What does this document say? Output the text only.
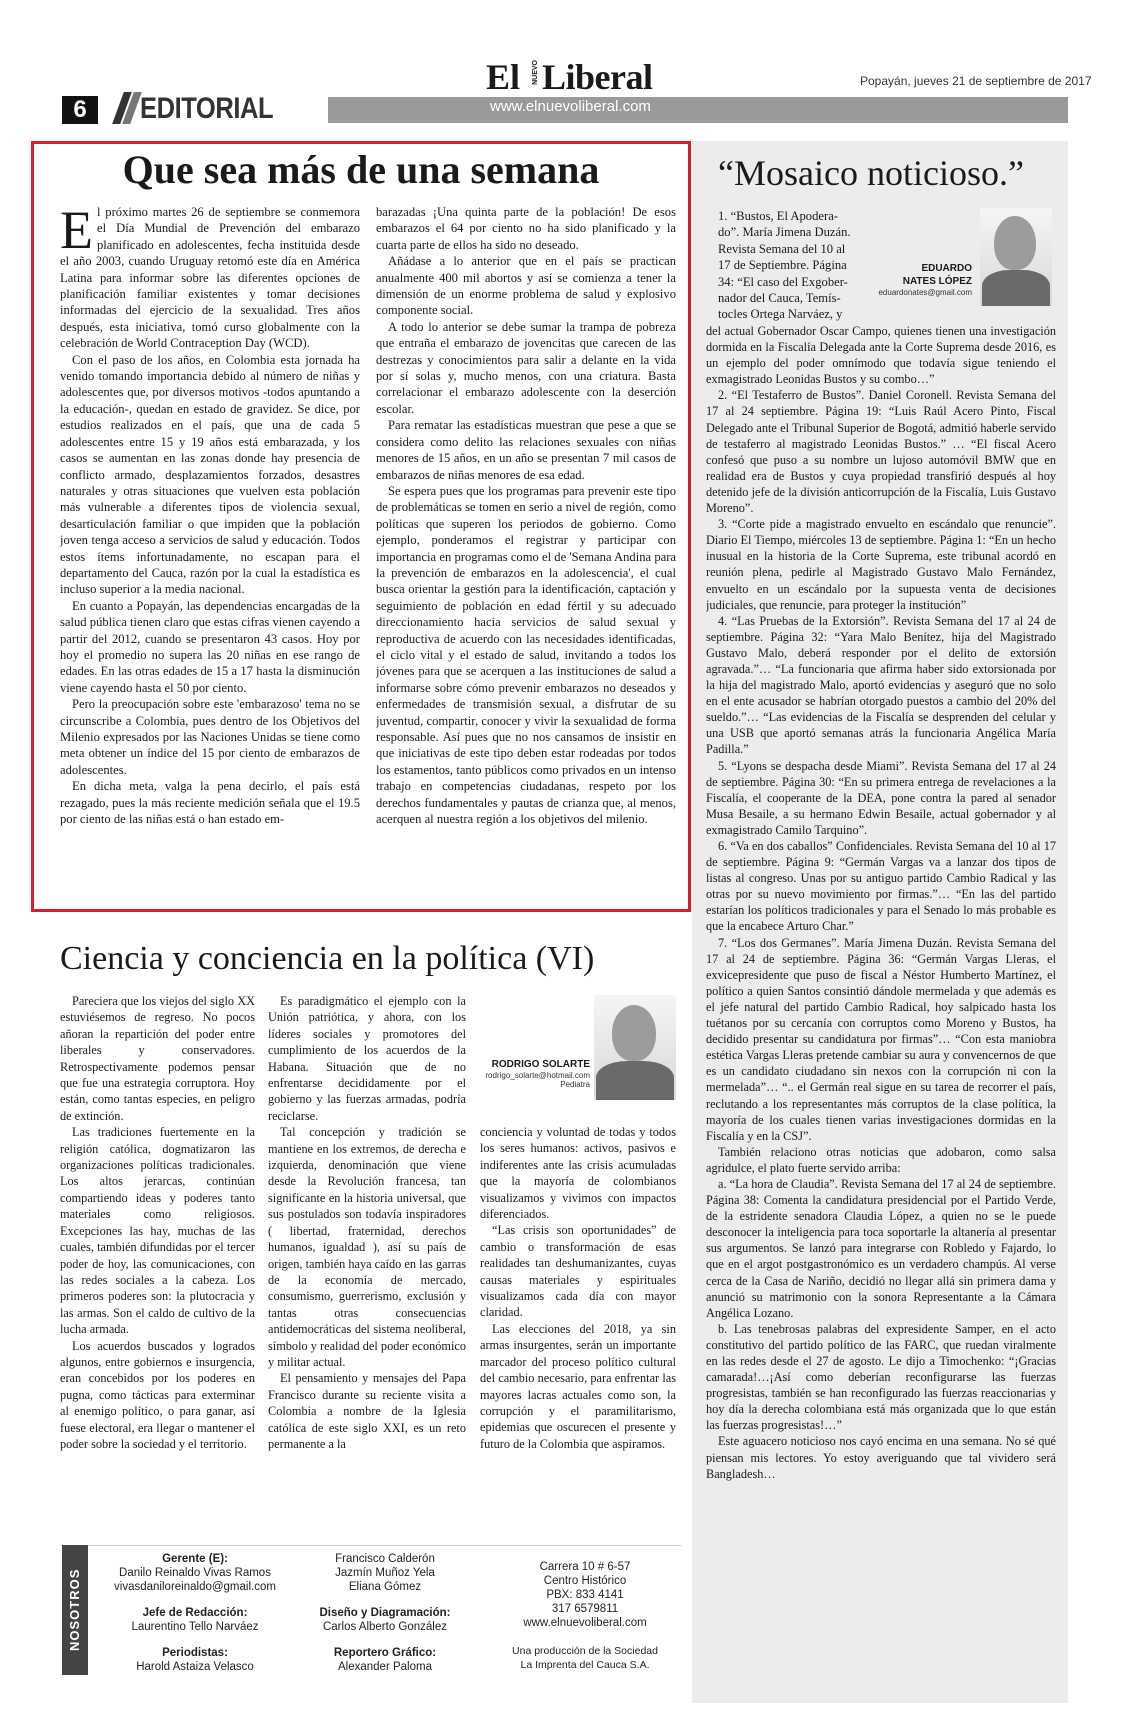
6	EDITORIAL	www.elnuevoliberal.com
El NUEVO Liberal	Popayán, jueves 21 de septiembre de 2017
Que sea más de una semana
E l próximo martes 26 de septiembre se conmemora el Día Mundial de Prevención del embarazo planificado en adolescentes, fecha instituida desde el año 2003, cuando Uruguay retomó este día en América Latina para informar sobre las diferentes opciones de planificación familiar existentes y tomar decisiones informadas del ejercicio de la sexualidad. Tres años después, esta iniciativa, tomó curso globalmente con la celebración de World Contraception Day (WCD).

Con el paso de los años, en Colombia esta jornada ha venido tomando importancia debido al número de niñas y adolescentes que, por diversos motivos -todos apuntando a la educación-, quedan en estado de gravidez. Se dice, por estudios realizados en el país, que una de cada 5 adolescentes entre 15 y 19 años está embarazada, y los casos se aumentan en las zonas donde hay presencia de conflicto armado, desplazamientos forzados, desastres naturales y otras situaciones que vuelven esta población más vulnerable a diferentes tipos de violencia sexual, desarticulación familiar o que impiden que la población joven tenga acceso a servicios de salud y educación. Todos estos ítems infortunadamente, no escapan para el departamento del Cauca, razón por la cual la estadística es incluso superior a la media nacional.

En cuanto a Popayán, las dependencias encargadas de la salud pública tienen claro que estas cifras vienen cayendo a partir del 2012, cuando se presentaron 43 casos. Hoy por hoy el promedio no supera las 20 niñas en ese rango de edades. En las otras edades de 15 a 17 hasta la disminución viene cayendo hasta el 50 por ciento.

Pero la preocupación sobre este 'embarazoso' tema no se circunscribe a Colombia, pues dentro de los Objetivos del Milenio expresados por las Naciones Unidas se tiene como meta obtener un índice del 15 por ciento de embarazos de adolescentes.

En dicha meta, valga la pena decirlo, el país está rezagado, pues la más reciente medición señala que el 19.5 por ciento de las niñas está o han estado em-

barazadas ¡Una quinta parte de la población! De esos embarazos el 64 por ciento no ha sido planificado y la cuarta parte de ellos ha sido no deseado.

Añádase a lo anterior que en el país se practican anualmente 400 mil abortos y así se comienza a tener la dimensión de un enorme problema de salud y explosivo componente social.

A todo lo anterior se debe sumar la trampa de pobreza que entraña el embarazo de jovencitas que carecen de las destrezas y conocimientos para salir a delante en la vida por sí solas y, mucho menos, con una criatura. Basta correlacionar el embarazo adolescente con la deserción escolar.

Para rematar las estadísticas muestran que pese a que se considera como delito las relaciones sexuales con niñas menores de 15 años, en un año se presentan 7 mil casos de embarazos de niñas menores de esa edad.

Se espera pues que los programas para prevenir este tipo de problemáticas se tomen en serio a nivel de región, como políticas que superen los periodos de gobierno. Como ejemplo, ponderamos el registrar y participar con importancia en programas como el de 'Semana Andina para la prevención de embarazos en la adolescencia', el cual busca orientar la gestión para la identificación, captación y seguimiento de población en edad fértil y su adecuado direccionamiento hacia servicios de salud sexual y reproductiva de acuerdo con las necesidades identificadas, el ciclo vital y el estado de salud, invitando a todos los jóvenes para que se acerquen a las instituciones de salud a informarse sobre cómo prevenir embarazos no deseados y enfermedades de transmisión sexual, a disfrutar de su juventud, compartir, conocer y vivir la sexualidad de forma responsable. Así pues que no nos cansamos de insistir en que iniciativas de este tipo deben estar rodeadas por todos los estamentos, tanto públicos como privados en un intenso trabajo en competencias ciudadanas, respeto por los derechos fundamentales y pautas de crianza que, al menos, acerquen al nuestra región a los objetivos del milenio.

“Mosaico noticioso.”
EDUARDO
NATES LÓPEZ
eduardonates@gmail.com
1. “Bustos, El Apodera-
do”. María Jimena Duzán.
Revista Semana del 10 al
17 de Septiembre. Página
34: “El caso del Exgober-
nador del Cauca, Temís-
tocles Ortega Narváez, y

del actual Gobernador Oscar Campo, quienes tienen una investigación dormida en la Fiscalía Delegada ante la Corte Suprema desde 2016, es un ejemplo del poder omnímodo que todavía sigue teniendo el exmagistrado Leonidas Bustos y su combo…”

2. “El Testaferro de Bustos”. Daniel Coronell. Revista Semana del 17 al 24 septiembre. Página 19: “Luis Raúl Acero Pinto, Fiscal Delegado ante el Tribunal Superior de Bogotá, admitió haberle servido de testaferro al magistrado Leonidas Bustos.” … “El fiscal Acero confesó que puso a su nombre un lujoso automóvil BMW que en realidad era de Bustos y cuya propiedad transfirió después al hoy detenido jefe de la división anticorrupción de la Fiscalía, Luis Gustavo Moreno”.

3. “Corte pide a magistrado envuelto en escándalo que renuncie”. Diario El Tiempo, miércoles 13 de septiembre. Página 1: “En un hecho inusual en la historia de la Corte Suprema, este tribunal acordó en reunión plena, pedirle al Magistrado Gustavo Malo Fernández, envuelto en un escándalo por la supuesta venta de decisiones judiciales, que renuncie, para proteger la institución”

4. “Las Pruebas de la Extorsión”. Revista Semana del 17 al 24 de septiembre. Página 32: “Yara Malo Benítez, hija del Magistrado Gustavo Malo, deberá responder por el delito de extorsión agravada.”… “La funcionaria que afirma haber sido extorsionada por la hija del magistrado Malo, aportó evidencias y aseguró que no solo en el ente acusador se habrían otorgado puestos a cambio del 20% del sueldo.”… “Las evidencias de la Fiscalía se desprenden del celular y una USB que aportó semanas atrás la funcionaria Angélica María Padilla.”

5. “Lyons se despacha desde Miami”. Revista Semana del 17 al 24 de septiembre. Página 30: “En su primera entrega de revelaciones a la Fiscalía, el cooperante de la DEA, pone contra la pared al senador Musa Besaile, a su hermano Edwin Besaile, actual gobernador y al exmagistrado Camilo Tarquino”.

6. “Va en dos caballos” Confidenciales. Revista Semana del 10 al 17 de septiembre. Página 9: “Germán Vargas va a lanzar dos tipos de listas al congreso. Unas por su antiguo partido Cambio Radical y las otras por su nuevo movimiento por firmas.”… “En las del partido estarían los políticos tradicionales y para el Senado lo más probable es que la encabece Arturo Char.”

7. “Los dos Germanes”. María Jimena Duzán. Revista Semana del 17 al 24 de septiembre. Página 36: “Germán Vargas Lleras, el exvicepresidente que puso de fiscal a Néstor Humberto Martínez, el político a quien Santos consintió dándole mermelada y que además es el jefe natural del partido Cambio Radical, hoy salpicado hasta los tuétanos por su cercanía con corruptos como Moreno y Bustos, ha decidido presentar su candidatura por firmas”… “Con esta maniobra estética Vargas Lleras pretende cambiar su aura y convencernos de que es un candidato ciudadano sin nexos con la corrupción ni con la mermelada”… “.. el Germán real sigue en su tarea de recorrer el país, reclutando a los representantes más corruptos de la clase política, la mayoría de los cuales tienen varias investigaciones dormidas en la Fiscalía y en la CSJ”.

También relaciono otras noticias que adobaron, como salsa agridulce, el plato fuerte servido arriba:

a. “La hora de Claudia”. Revista Semana del 17 al 24 de septiembre. Página 38: Comenta la candidatura presidencial por el Partido Verde, de la estridente senadora Claudia López, a quien no se le puede desconocer la inteligencia para toca soportarle la altanería al presentar sus argumentos. Se lanzó para integrarse con Robledo y Fajardo, lo que en el argot postgastronómico es un verdadero champús. Al verse cerca de la Casa de Nariño, decidió no llegar allá sin primera dama y anunció su matrimonio con la sonora Representante a la Cámara Angélica Lozano.

b. Las tenebrosas palabras del expresidente Samper, en el acto constitutivo del partido político de las FARC, que ruedan viralmente en las redes desde el 27 de agosto. Le dijo a Timochenko: “¡Gracias camarada!…¡Así como deberían reconfigurarse las fuerzas progresistas, también se han reconfigurado las fuerzas reaccionarias y hoy día la derecha colombiana está más organizada que lo que están las fuerzas progresistas!…”

Este aguacero noticioso nos cayó encima en una semana. No sé qué piensan mis lectores. Yo estoy averiguando que tal vividero será Bangladesh…

Ciencia y conciencia en la política (VI)

Pareciera que los viejos del siglo XX estuviésemos de regreso. No pocos añoran la repartición del poder entre liberales y conservadores. Retrospectivamente podemos pensar que fue una estrategia corruptora. Hoy están, como tantas especies, en peligro de extinción.

Las tradiciones fuertemente en la religión católica, dogmatizaron las organizaciones políticas tradicionales. Los altos jerarcas, continúan compartiendo ideas y poderes tanto materiales como religiosos. Excepciones las hay, muchas de las cuales, también difundidas por el tercer poder de hoy, las comunicaciones, con las redes sociales a la cabeza. Los primeros poderes son: la plutocracia y las armas. Son el caldo de cultivo de la lucha armada.

Los acuerdos buscados y logrados algunos, entre gobiernos e insurgencia, eran concebidos por los poderes en pugna, como tácticas para exterminar al enemigo político, o para ganar, así fuese electoral, era llegar o mantener el poder sobre la sociedad y el territorio.

Es paradigmático el ejemplo con la Unión patriótica, y ahora, con los líderes sociales y promotores del cumplimiento de los acuerdos de la Habana. Situación que de no enfrentarse decididamente por el gobierno y las fuerzas armadas, podría reciclarse.

Tal concepción y tradición se mantiene en los extremos, de derecha e izquierda, denominación que viene desde la Revolución francesa, tan significante en la historia universal, que sus postulados son todavía inspiradores ( libertad, fraternidad, derechos humanos, igualdad ), así su país de origen, también haya caído en las garras de la economía de mercado, consumismo, guerrerismo, exclusión y tantas otras consecuencias antidemocráticas del sistema neoliberal, símbolo y realidad del poder económico y militar actual.

El pensamiento y mensajes del Papa Francisco durante su reciente visita a Colombia a nombre de la Iglesia católica de este siglo XXI, es un reto permanente a la

RODRIGO SOLARTE
rodrigo_solarte@hotmail.com
Pediatra

conciencia y voluntad de todas y todos los seres humanos: activos, pasivos e indiferentes ante las crisis acumuladas que la mayoría de colombianos visualizamos y vivimos con impactos diferenciados.

“Las crisis son oportunidades” de cambio o transformación de esas realidades tan deshumanizantes, cuyas causas materiales y espirituales visualizamos cada día con mayor claridad.

Las elecciones del 2018, ya sin armas insurgentes, serán un importante marcador del proceso político cultural del cambio necesario, para enfrentar las mayores lacras actuales como son, la corrupción y el paramilitarismo, epidemias que oscurecen el presente y futuro de la Colombia que aspiramos.

NOSOTROS
Gerente (E):
Danilo Reinaldo Vivas Ramos
vivasdaniloreinaldo@gmail.com
Jefe de Redacción:
Laurentino Tello Narváez
Periodistas:
Harold Astaiza Velasco
Francisco Calderón
Jazmín Muñoz Yela
Eliana Gómez
Diseño y Diagramación:
Carlos Alberto González
Reportero Gráfico:
Alexander Paloma
Carrera 10 # 6-57
Centro Histórico
PBX: 833 4141
317 6579811
www.elnuevoliberal.com
Una producción de la Sociedad
La Imprenta del Cauca S.A.
